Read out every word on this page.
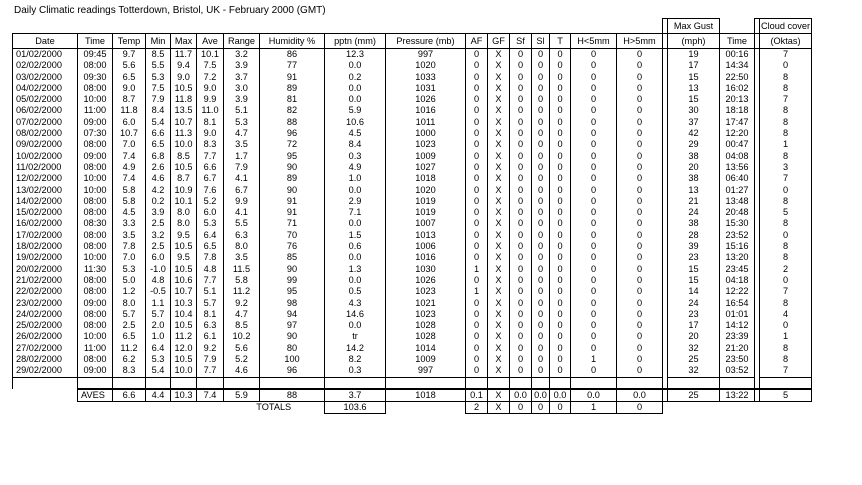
Daily Climatic readings Totterdown, Bristol, UK - February 2000 (GMT)
																		Max Gust			Cloud cover
Date	Time	Temp	Min	Max	Ave	Range	Humidity %	pptn (mm)	Pressure (mb)	AF	GF	Sf	Sl	T	H<5mm	H>5mm		(mph)	Time		(Oktas)
01/02/2000	09:45	9.7	8.5	11.7	10.1	3.2	86	12.3	997	0	X	0	0	0	0	0		19	00:16		7
02/02/2000	08:00	5.6	5.5	9.4	7.5	3.9	77	0.0	1020	0	X	0	0	0	0	0		17	14:34		0
03/02/2000	09:30	6.5	5.3	9.0	7.2	3.7	91	0.2	1033	0	X	0	0	0	0	0		15	22:50		8
04/02/2000	08:00	9.0	7.5	10.5	9.0	3.0	89	0.0	1031	0	X	0	0	0	0	0		13	16:02		8
05/02/2000	10:00	8.7	7.9	11.8	9.9	3.9	81	0.0	1026	0	X	0	0	0	0	0		15	20:13		7
06/02/2000	11:00	11.8	8.4	13.5	11.0	5.1	82	5.9	1016	0	X	0	0	0	0	0		30	18:18		8
07/02/2000	09:00	6.0	5.4	10.7	8.1	5.3	88	10.6	1011	0	X	0	0	0	0	0		37	17:47		8
08/02/2000	07:30	10.7	6.6	11.3	9.0	4.7	96	4.5	1000	0	X	0	0	0	0	0		42	12:20		8
09/02/2000	08:00	7.0	6.5	10.0	8.3	3.5	72	8.4	1023	0	X	0	0	0	0	0		29	00:47		1
10/02/2000	09:00	7.4	6.8	8.5	7.7	1.7	95	0.3	1009	0	X	0	0	0	0	0		38	04:08		8
11/02/2000	08:00	4.9	2.6	10.5	6.6	7.9	90	4.9	1027	0	X	0	0	0	0	0		20	13:56		3
12/02/2000	10:00	7.4	4.6	8.7	6.7	4.1	89	1.0	1018	0	X	0	0	0	0	0		38	06:40		7
13/02/2000	10:00	5.8	4.2	10.9	7.6	6.7	90	0.0	1020	0	X	0	0	0	0	0		13	01:27		0
14/02/2000	08:00	5.8	0.2	10.1	5.2	9.9	91	2.9	1019	0	X	0	0	0	0	0		21	13:48		8
15/02/2000	08:00	4.5	3.9	8.0	6.0	4.1	91	7.1	1019	0	X	0	0	0	0	0		24	20:48		5
16/02/2000	08:30	3.3	2.5	8.0	5.3	5.5	71	0.0	1007	0	X	0	0	0	0	0		38	15:30		8
17/02/2000	08:00	3.5	3.2	9.5	6.4	6.3	70	1.5	1013	0	X	0	0	0	0	0		28	23:52		0
18/02/2000	08:00	7.8	2.5	10.5	6.5	8.0	76	0.6	1006	0	X	0	0	0	0	0		39	15:16		8
19/02/2000	10:00	7.0	6.0	9.5	7.8	3.5	85	0.0	1016	0	X	0	0	0	0	0		23	13:20		8
20/02/2000	11:30	5.3	-1.0	10.5	4.8	11.5	90	1.3	1030	1	X	0	0	0	0	0		15	23:45		2
21/02/2000	08:00	5.0	4.8	10.6	7.7	5.8	99	0.0	1026	0	X	0	0	0	0	0		15	04:18		0
22/02/2000	08:00	1.2	-0.5	10.7	5.1	11.2	95	0.5	1023	1	X	0	0	0	0	0		14	12:22		7
23/02/2000	09:00	8.0	1.1	10.3	5.7	9.2	98	4.3	1021	0	X	0	0	0	0	0		24	16:54		8
24/02/2000	08:00	5.7	5.7	10.4	8.1	4.7	94	14.6	1023	0	X	0	0	0	0	0		23	01:01		4
25/02/2000	08:00	2.5	2.0	10.5	6.3	8.5	97	0.0	1028	0	X	0	0	0	0	0		17	14:12		0
26/02/2000	10:00	6.5	1.0	11.2	6.1	10.2	90	tr	1028	0	X	0	0	0	0	0		20	23:39		1
27/02/2000	11:00	11.2	6.4	12.0	9.2	5.6	80	14.2	1014	0	X	0	0	0	0	0		32	21:20		8
28/02/2000	08:00	6.2	5.3	10.5	7.9	5.2	100	8.2	1009	0	X	0	0	0	1	0		25	23:50		8
29/02/2000	09:00	8.3	5.4	10.0	7.7	4.6	96	0.3	997	0	X	0	0	0	0	0		32	03:52		7

	AVES	6.6	4.4	10.3	7.4	5.9	88	3.7	1018	0.1	X	0.0	0.0	0.0	0.0	0.0		25	13:22		5
						TOTALS		103.6		2	X	0	0	0	1	0					
